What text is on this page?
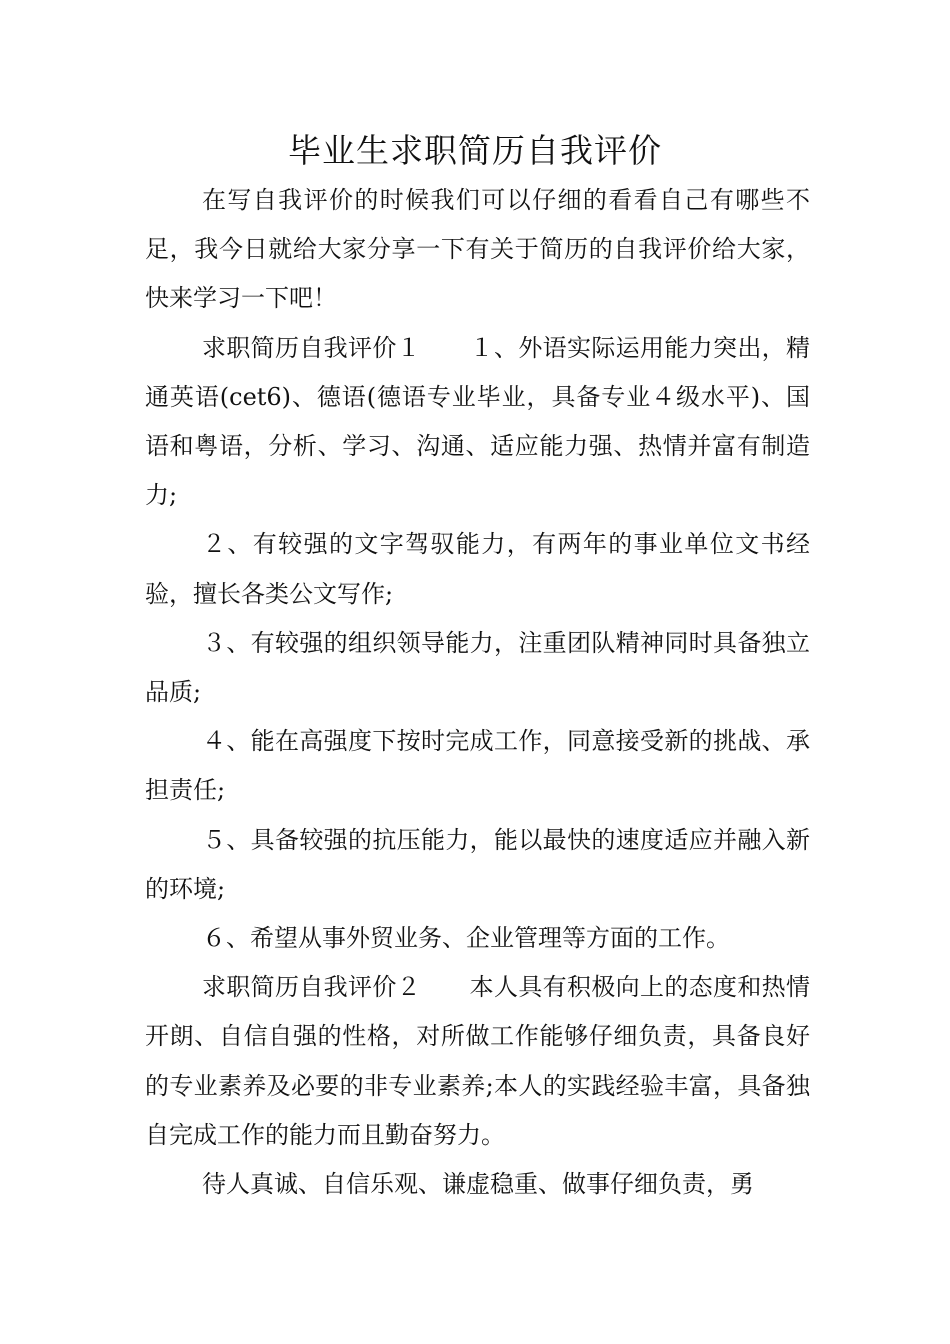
毕业生求职简历自我评价

在写自我评价的时候我们可以仔细的看看自己有哪些不足，我今日就给大家分享一下有关于简历的自我评价给大家，快来学习一下吧！

求职简历自我评价１　　１、外语实际运用能力突出，精通英语(cet6)、德语(德语专业毕业，具备专业４级水平)、国语和粤语，分析、学习、沟通、适应能力强、热情并富有制造力;

２、有较强的文字驾驭能力，有两年的事业单位文书经验，擅长各类公文写作;

３、有较强的组织领导能力，注重团队精神同时具备独立品质;

４、能在高强度下按时完成工作，同意接受新的挑战、承担责任;

５、具备较强的抗压能力，能以最快的速度适应并融入新的环境;

６、希望从事外贸业务、企业管理等方面的工作。

求职简历自我评价２　　本人具有积极向上的态度和热情开朗、自信自强的性格，对所做工作能够仔细负责，具备良好的专业素养及必要的非专业素养;本人的实践经验丰富，具备独自完成工作的能力而且勤奋努力。

待人真诚、自信乐观、谦虚稳重、做事仔细负责，勇
